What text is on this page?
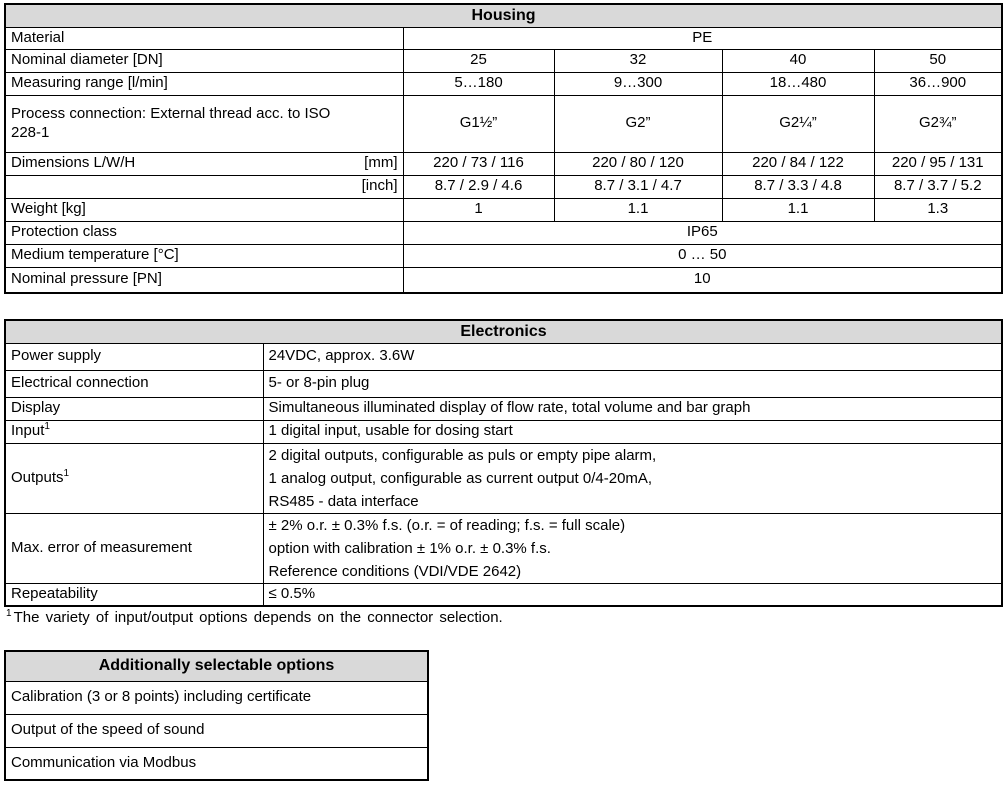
Housing				
Material	PE			
Nominal diameter [DN]	25	32	40	50
Measuring range [l/min]	5…180	9…300	18…480	36…900

Process connection: External thread acc. to ISO 228-1	G1½”	G2”	G2¼”	G2¾”

Dimensions L/W/H [mm]	220 / 73 / 116	220 / 80 / 120	220 / 84 / 122	220 / 95 / 131

[inch]	8.7 / 2.9 / 4.6	8.7 / 3.1 / 4.7	8.7 / 3.3 / 4.8	8.7 / 3.7 / 5.2
Weight [kg]	1	1.1	1.1	1.3
Protection class	IP65			
Medium temperature [°C]	0 … 50			
Nominal pressure [PN]	10			
Electronics	
Power supply	24VDC, approx. 3.6W
Electrical connection	5- or 8-pin plug
Display	Simultaneous illuminated display of flow rate, total volume and bar graph
Input$^1$	1 digital input, usable for dosing start
Outputs$^1$	2 digital outputs, configurable as puls or empty pipe alarm,
1 analog output, configurable as current output 0/4-20mA,
RS485 - data interface

Max. error of measurement	± 2% o.r. ± 0.3% f.s. (o.r. = of reading; f.s. = full scale)
option with calibration ± 1% o.r. ± 0.3% f.s.
Reference conditions (VDI/VDE 2642)

Repeatability	≤ 0.5%
$^1$ The variety of input/output options depends on the connector selection.
Additionally selectable options
Calibration (3 or 8 points) including certificate
Output of the speed of sound
Communication via Modbus
